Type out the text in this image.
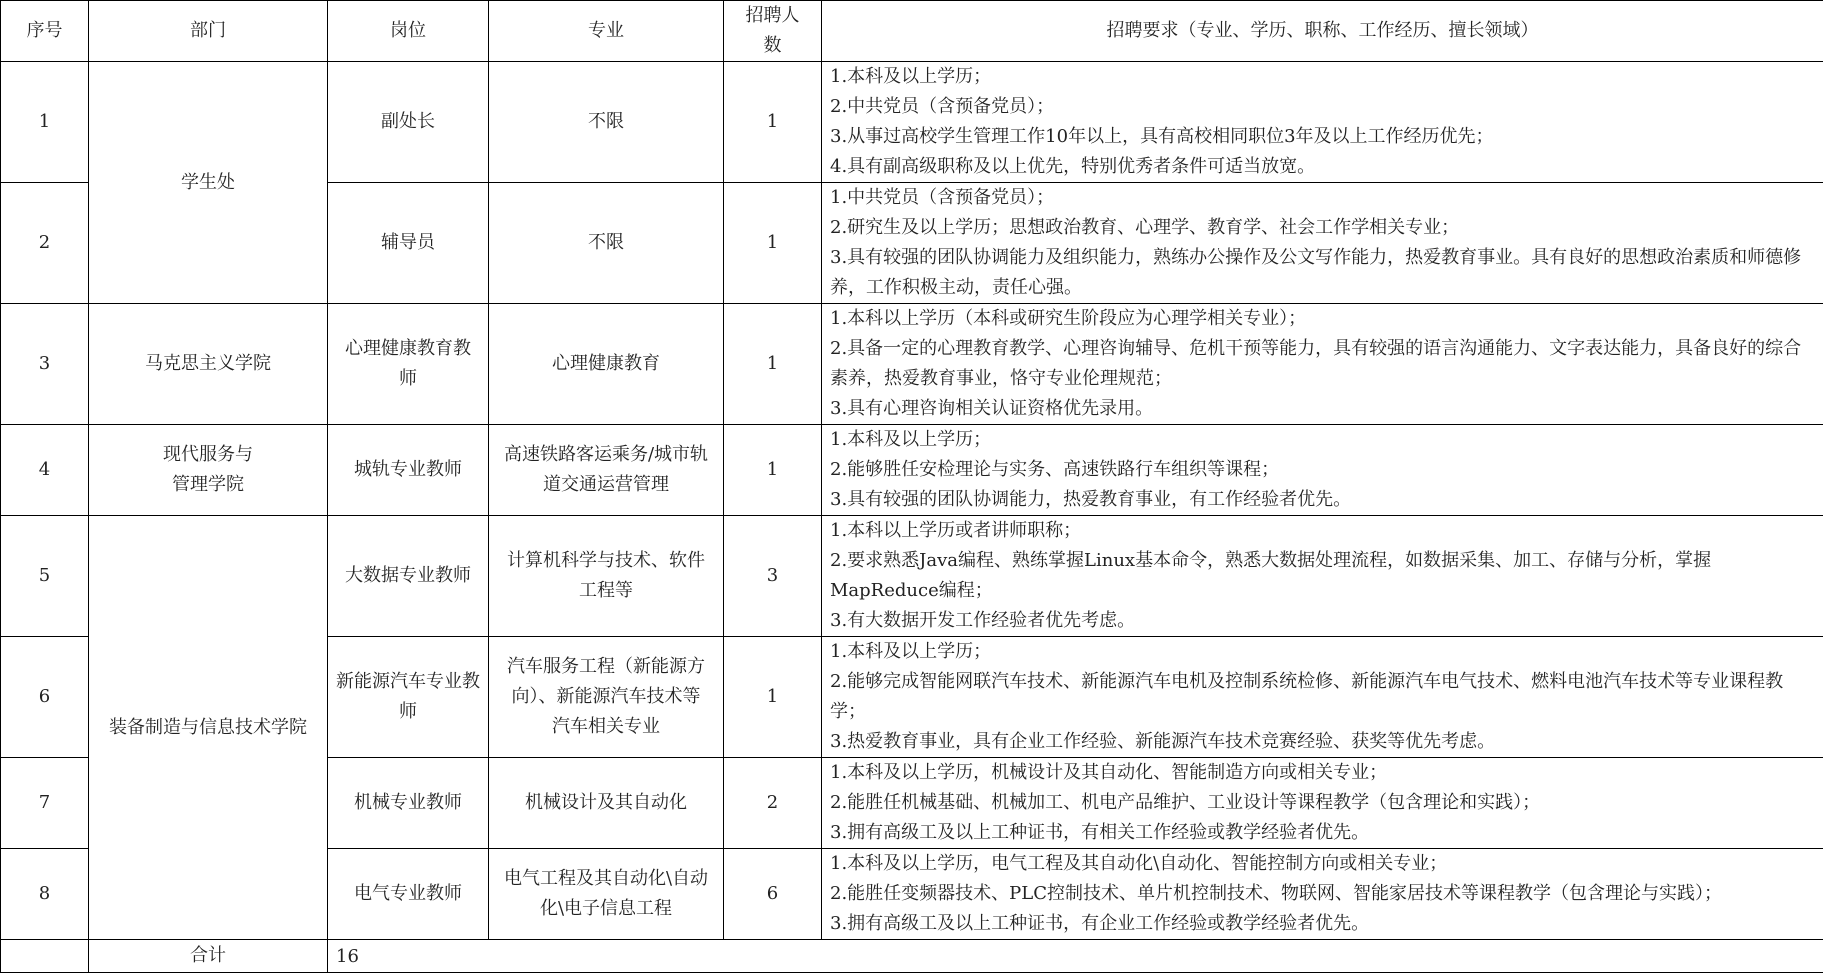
序号	部门	岗位	专业	招聘人数	招聘要求（专业、学历、职称、工作经历、擅长领域）
1	学生处	副处长	不限	1	1.本科及以上学历；
2.中共党员（含预备党员）；
3.从事过高校学生管理工作10年以上，具有高校相同职位3年及以上工作经历优先；
4.具有副高级职称及以上优先，特别优秀者条件可适当放宽。

2		辅导员	不限	1	1.中共党员（含预备党员）；
2.研究生及以上学历；思想政治教育、心理学、教育学、社会工作学相关专业；
3.具有较强的团队协调能力及组织能力，熟练办公操作及公文写作能力，热爱教育事业。具有良好的思想政治素质和师德修养，工作积极主动，责任心强。

3	马克思主义学院	心理健康教育教师	心理健康教育	1	1.本科以上学历（本科或研究生阶段应为心理学相关专业）；
2.具备一定的心理教育教学、心理咨询辅导、危机干预等能力，具有较强的语言沟通能力、文字表达能力，具备良好的综合素养，热爱教育事业，恪守专业伦理规范；
3.具有心理咨询相关认证资格优先录用。

4	现代服务与管理学院	城轨专业教师	高速铁路客运乘务/城市轨道交通运营管理	1	1.本科及以上学历；
2.能够胜任安检理论与实务、高速铁路行车组织等课程；
3.具有较强的团队协调能力，热爱教育事业，有工作经验者优先。

5	装备制造与信息技术学院	大数据专业教师	计算机科学与技术、软件工程等	3	1.本科以上学历或者讲师职称；
2.要求熟悉Java编程、熟练掌握Linux基本命令，熟悉大数据处理流程，如数据采集、加工、存储与分析，掌握MapReduce编程；
3.有大数据开发工作经验者优先考虑。

6		新能源汽车专业教师	汽车服务工程（新能源方向）、新能源汽车技术等汽车相关专业	1	1.本科及以上学历；
2.能够完成智能网联汽车技术、新能源汽车电机及控制系统检修、新能源汽车电气技术、燃料电池汽车技术等专业课程教学；
3.热爱教育事业，具有企业工作经验、新能源汽车技术竞赛经验、获奖等优先考虑。

7		机械专业教师	机械设计及其自动化	2	1.本科及以上学历，机械设计及其自动化、智能制造方向或相关专业；
2.能胜任机械基础、机械加工、机电产品维护、工业设计等课程教学（包含理论和实践）；
3.拥有高级工及以上工种证书，有相关工作经验或教学经验者优先。

8		电气专业教师	电气工程及其自动化\自动化\电子信息工程	6	1.本科及以上学历，电气工程及其自动化\自动化、智能控制方向或相关专业；
2.能胜任变频器技术、PLC控制技术、单片机控制技术、物联网、智能家居技术等课程教学（包含理论与实践）；
3.拥有高级工及以上工种证书，有企业工作经验或教学经验者优先。

	合计	16			
